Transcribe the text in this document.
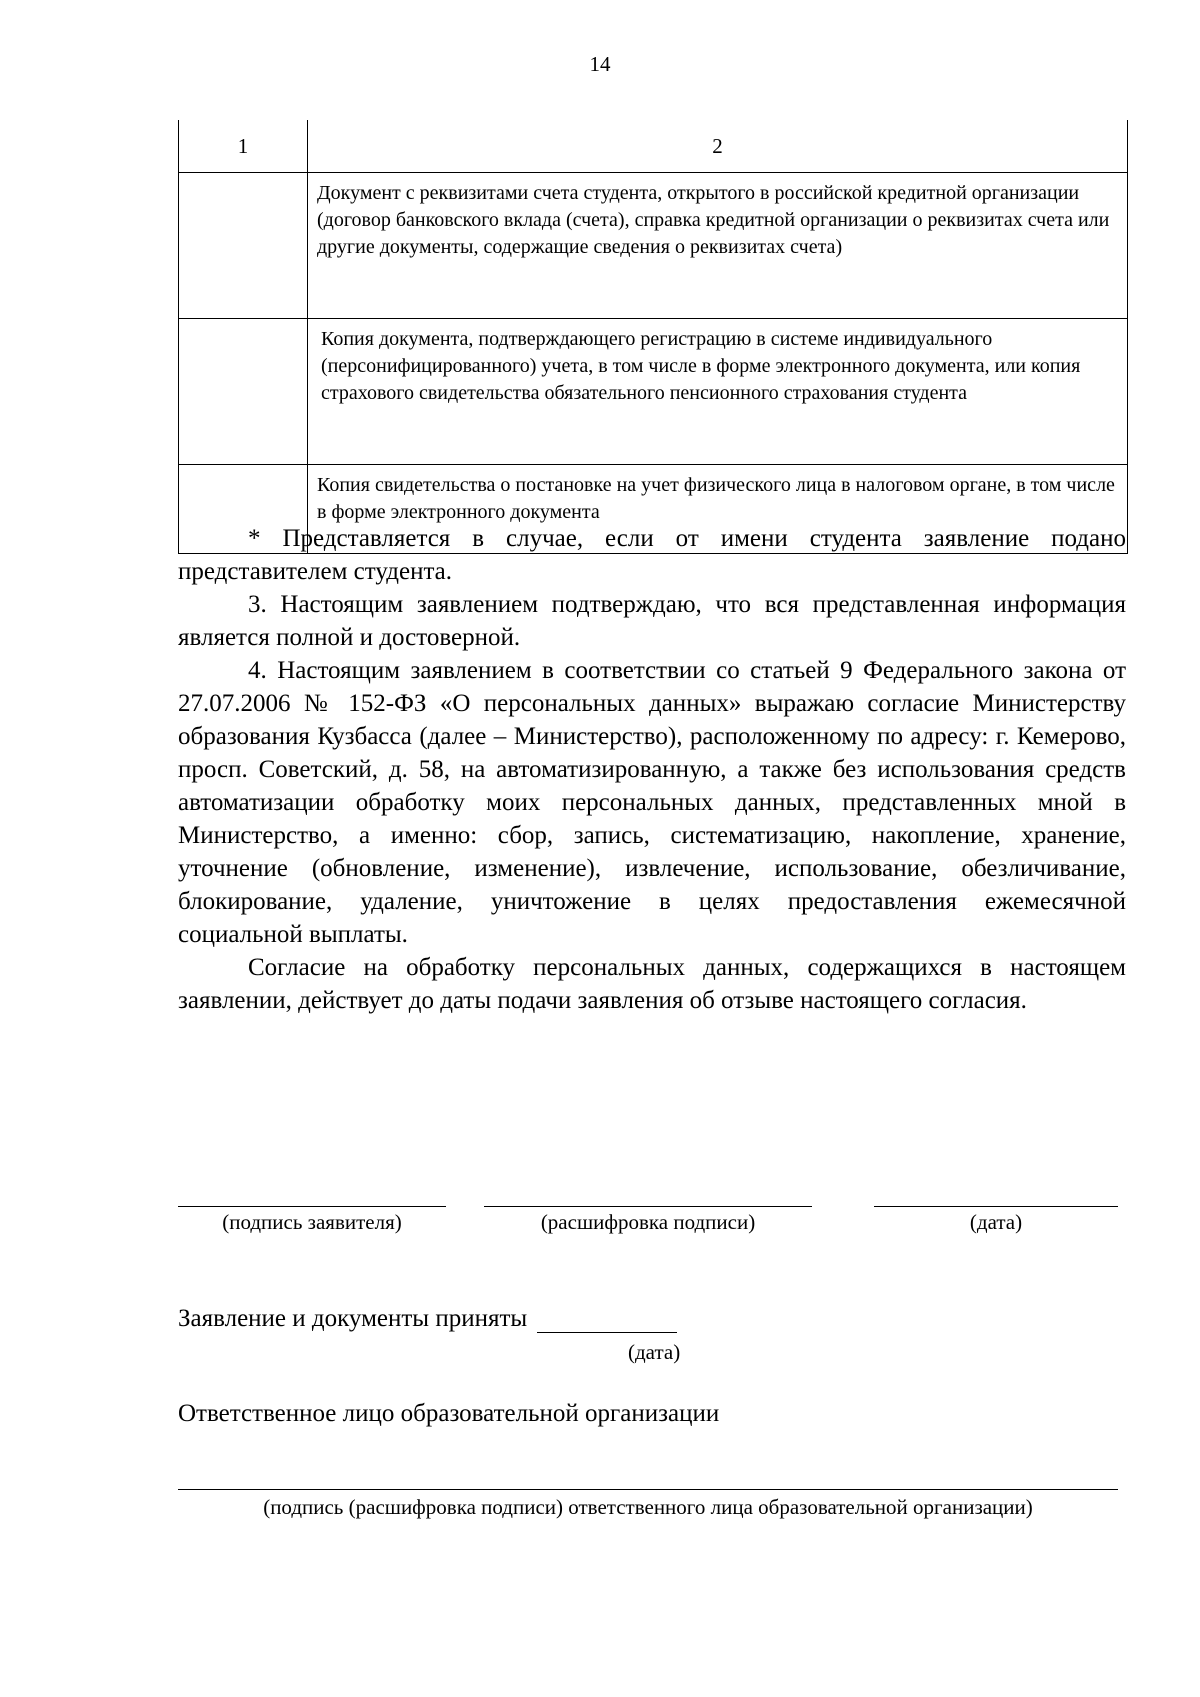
14
1	2
	Документ с реквизитами счета студента, открытого в российской кредитной организации (договор банковского вклада (счета), справка кредитной организации о реквизитах счета или другие документы, содержащие сведения о реквизитах счета)
	Копия документа, подтверждающего регистрацию в системе индивидуального (персонифицированного) учета, в том числе в форме электронного документа, или копия страхового свидетельства обязательного пенсионного страхования студента
	Копия свидетельства о постановке на учет физического лица в налоговом органе, в том числе в форме электронного документа

* Представляется в случае, если от имени студента заявление подано представителем студента.

3. Настоящим заявлением подтверждаю, что вся представленная информация является полной и достоверной.

4. Настоящим заявлением в соответствии со статьей 9 Федерального закона от 27.07.2006 № 152-ФЗ «О персональных данных» выражаю согласие Министерству образования Кузбасса (далее – Министерство), расположенному по адресу: г. Кемерово, просп. Советский, д. 58, на автоматизированную, а также без использования средств автоматизации обработку моих персональных данных, представленных мной в Министерство, а именно: сбор, запись, систематизацию, накопление, хранение, уточнение (обновление, изменение), извлечение, использование, обезличивание, блокирование, удаление, уничтожение в целях предоставления ежемесячной социальной выплаты.

Согласие на обработку персональных данных, содержащихся в настоящем заявлении, действует до даты подачи заявления об отзыве настоящего согласия.

(подпись заявителя)	(расшифровка подписи)	(дата)
Заявление и документы приняты
(дата)
Ответственное лицо образовательной организации
(подпись (расшифровка подписи) ответственного лица образовательной организации)
